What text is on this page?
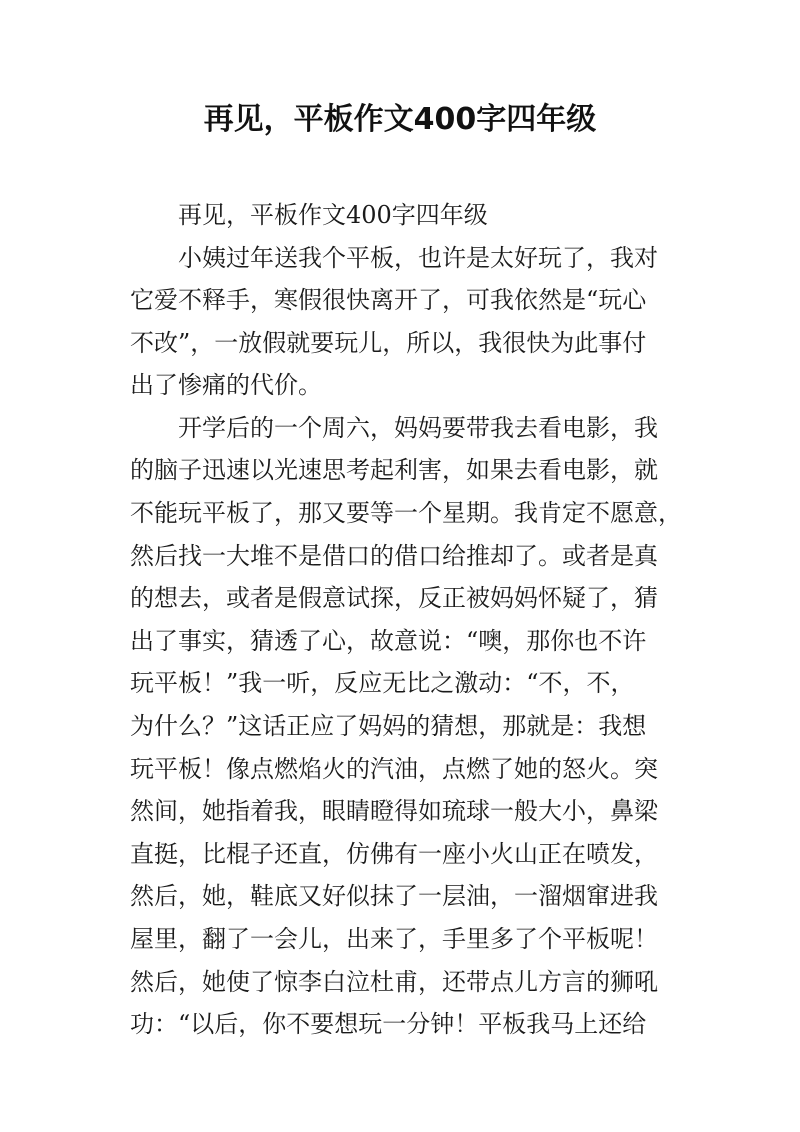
再见，平板作文400字四年级
再见，平板作文400字四年级
小姨过年送我个平板，也许是太好玩了，我对
它爱不释手，寒假很快离开了，可我依然是“玩心
不改”，一放假就要玩儿，所以，我很快为此事付
出了惨痛的代价。
开学后的一个周六，妈妈要带我去看电影，我
的脑子迅速以光速思考起利害，如果去看电影，就
不能玩平板了，那又要等一个星期。我肯定不愿意，
然后找一大堆不是借口的借口给推却了。或者是真
的想去，或者是假意试探，反正被妈妈怀疑了，猜
出了事实，猜透了心，故意说：“噢，那你也不许
玩平板！”我一听，反应无比之激动：“不，不，
为什么？”这话正应了妈妈的猜想，那就是：我想
玩平板！像点燃焰火的汽油，点燃了她的怒火。突
然间，她指着我，眼睛瞪得如琉球一般大小，鼻梁
直挺，比棍子还直，仿佛有一座小火山正在喷发，
然后，她，鞋底又好似抹了一层油，一溜烟窜进我
屋里，翻了一会儿，出来了，手里多了个平板呢！
然后，她使了惊李白泣杜甫，还带点儿方言的狮吼
功：“以后，你不要想玩一分钟！平板我马上还给
